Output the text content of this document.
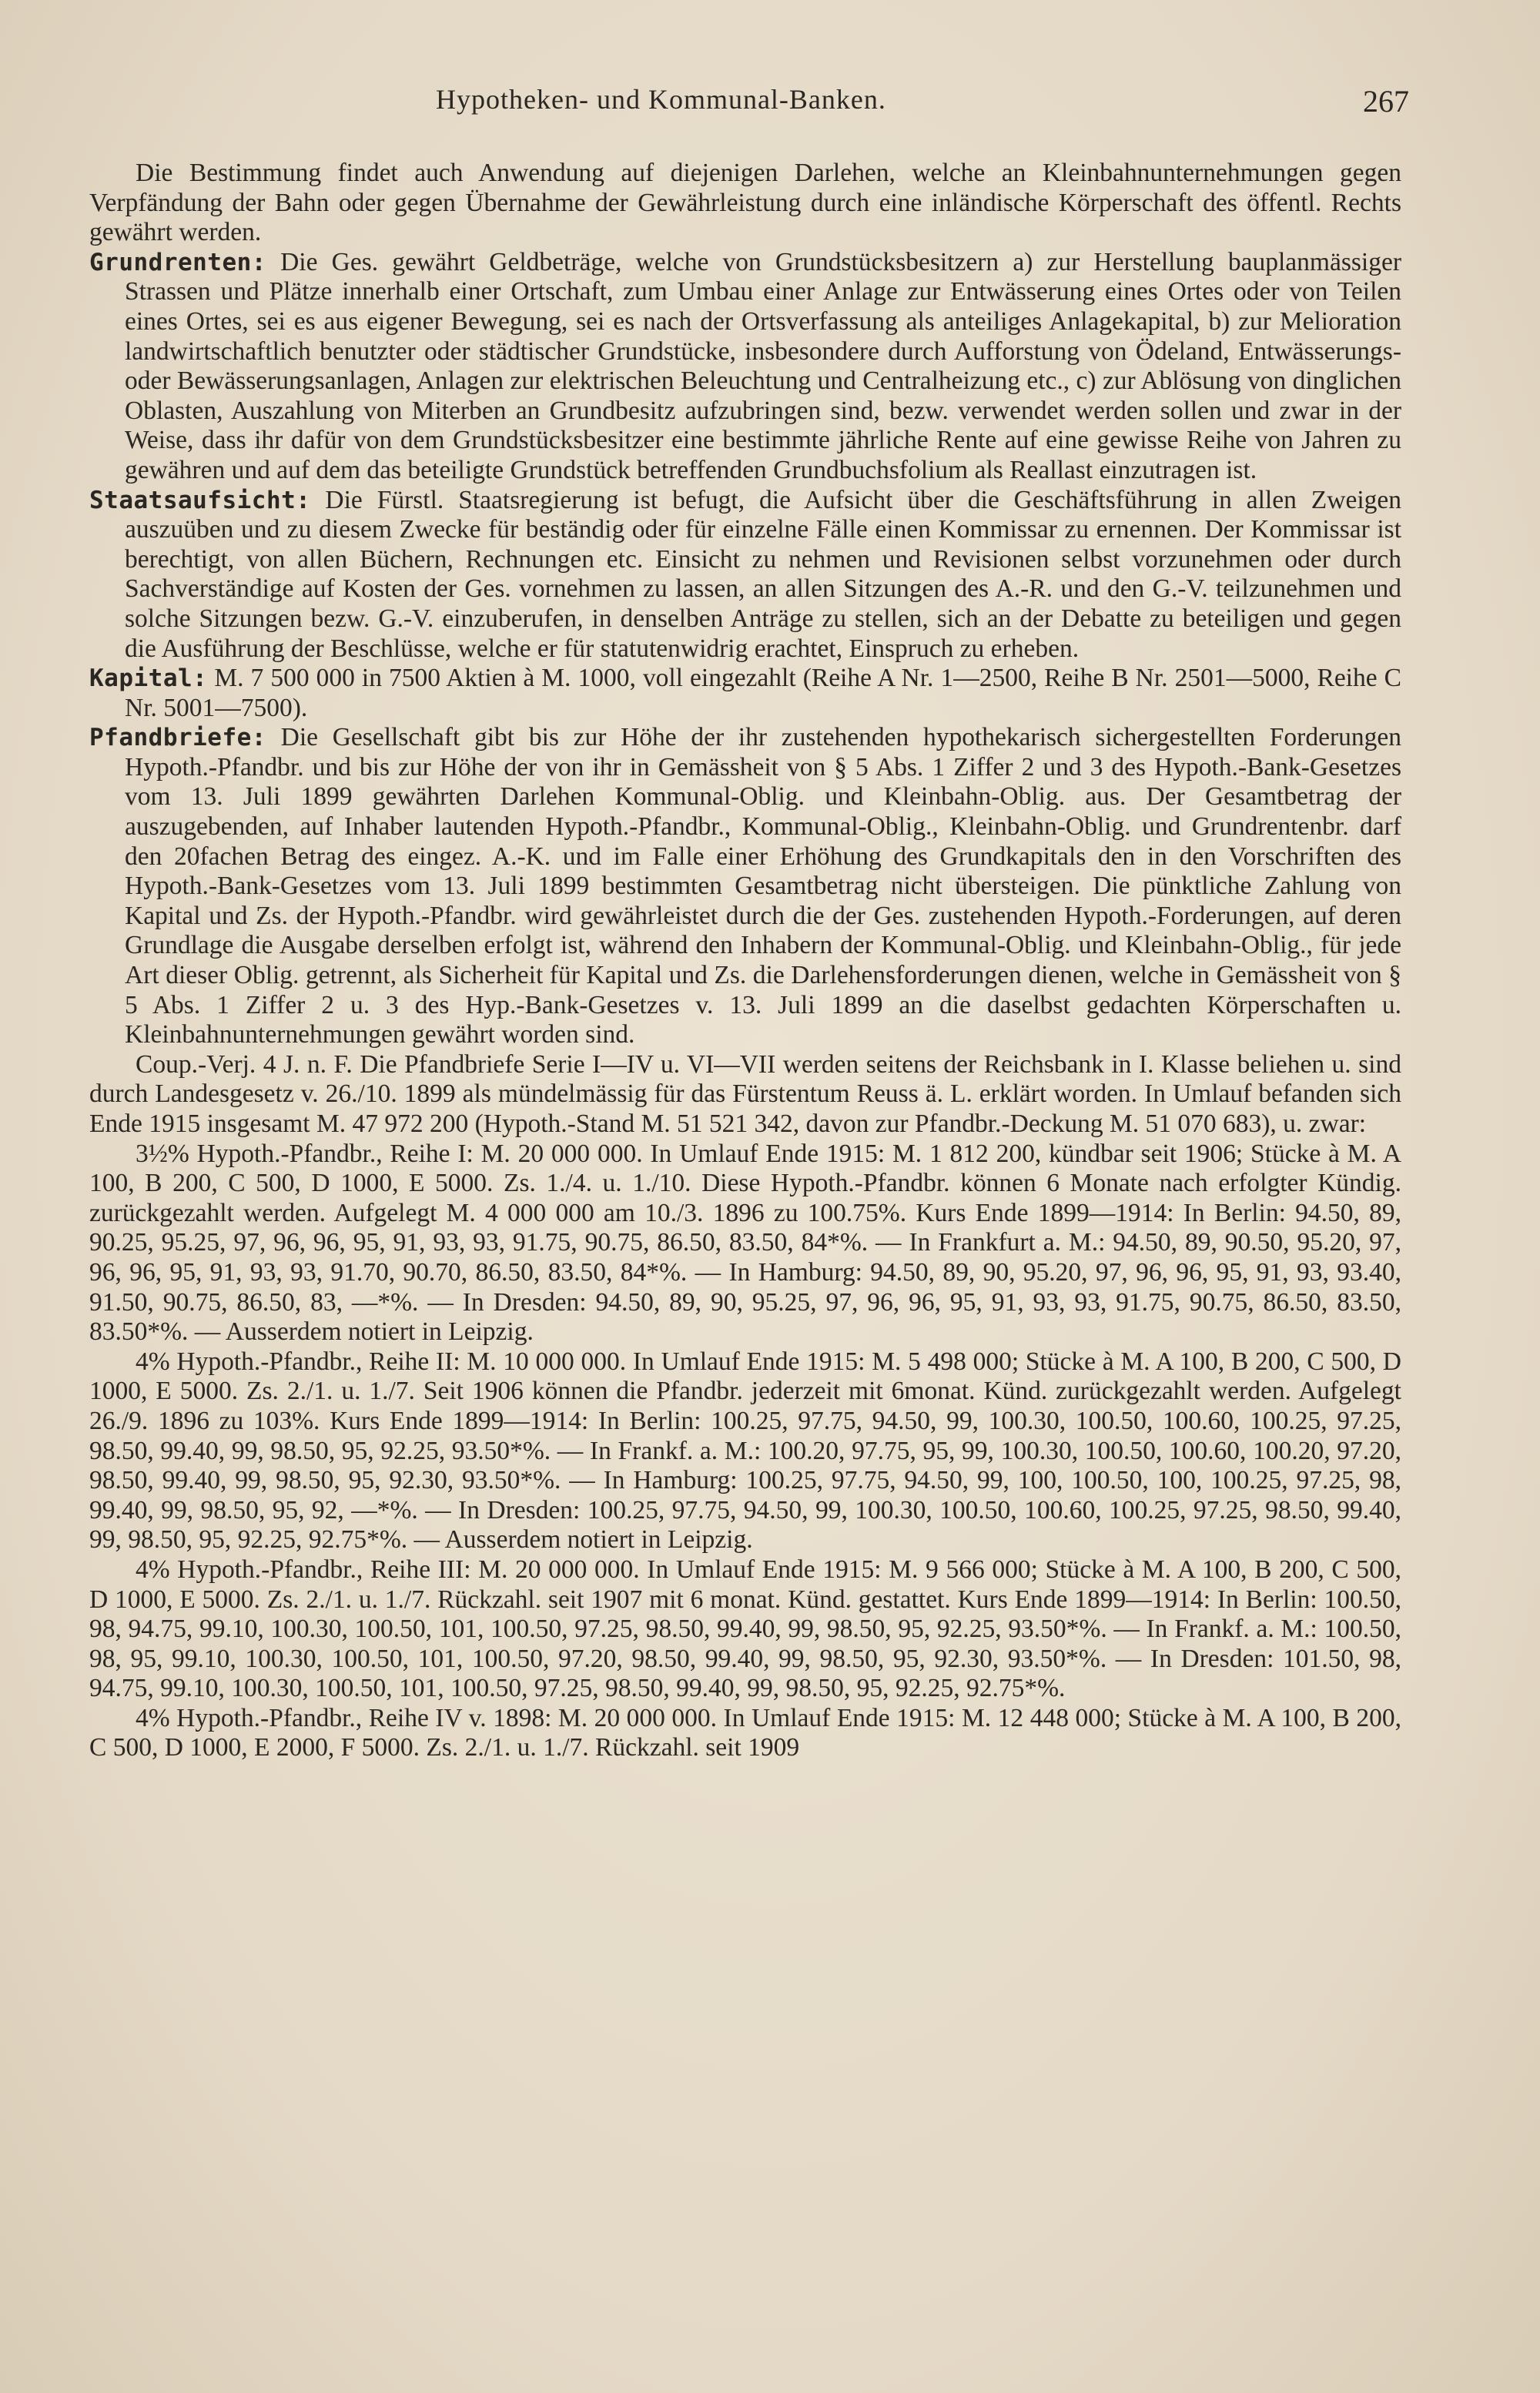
Hypotheken- und Kommunal-Banken.	267

Die Bestimmung findet auch Anwendung auf diejenigen Darlehen, welche an Kleinbahnunternehmungen gegen Verpfändung der Bahn oder gegen Übernahme der Gewährleistung durch eine inländische Körperschaft des öffentl. Rechts gewährt werden.

Grundrenten: Die Ges. gewährt Geldbeträge, welche von Grundstücksbesitzern a) zur Herstellung bauplanmässiger Strassen und Plätze innerhalb einer Ortschaft, zum Umbau einer Anlage zur Entwässerung eines Ortes oder von Teilen eines Ortes, sei es aus eigener Bewegung, sei es nach der Ortsverfassung als anteiliges Anlagekapital, b) zur Melioration landwirtschaftlich benutzter oder städtischer Grundstücke, insbesondere durch Aufforstung von Ödeland, Entwässerungs- oder Bewässerungsanlagen, Anlagen zur elektrischen Beleuchtung und Centralheizung etc., c) zur Ablösung von dinglichen Oblasten, Auszahlung von Miterben an Grundbesitz aufzubringen sind, bezw. verwendet werden sollen und zwar in der Weise, dass ihr dafür von dem Grundstücksbesitzer eine bestimmte jährliche Rente auf eine gewisse Reihe von Jahren zu gewähren und auf dem das beteiligte Grundstück betreffenden Grundbuchsfolium als Reallast einzutragen ist.

Staatsaufsicht: Die Fürstl. Staatsregierung ist befugt, die Aufsicht über die Geschäftsführung in allen Zweigen auszuüben und zu diesem Zwecke für beständig oder für einzelne Fälle einen Kommissar zu ernennen. Der Kommissar ist berechtigt, von allen Büchern, Rechnungen etc. Einsicht zu nehmen und Revisionen selbst vorzunehmen oder durch Sachverständige auf Kosten der Ges. vornehmen zu lassen, an allen Sitzungen des A.-R. und den G.-V. teilzunehmen und solche Sitzungen bezw. G.-V. einzuberufen, in denselben Anträge zu stellen, sich an der Debatte zu beteiligen und gegen die Ausführung der Beschlüsse, welche er für statutenwidrig erachtet, Einspruch zu erheben.

Kapital: M. 7 500 000 in 7500 Aktien à M. 1000, voll eingezahlt (Reihe A Nr. 1—2500, Reihe B Nr. 2501—5000, Reihe C Nr. 5001—7500).

Pfandbriefe: Die Gesellschaft gibt bis zur Höhe der ihr zustehenden hypothekarisch sichergestellten Forderungen Hypoth.-Pfandbr. und bis zur Höhe der von ihr in Gemässheit von § 5 Abs. 1 Ziffer 2 und 3 des Hypoth.-Bank-Gesetzes vom 13. Juli 1899 gewährten Darlehen Kommunal-Oblig. und Kleinbahn-Oblig. aus. Der Gesamtbetrag der auszugebenden, auf Inhaber lautenden Hypoth.-Pfandbr., Kommunal-Oblig., Kleinbahn-Oblig. und Grundrentenbr. darf den 20fachen Betrag des eingez. A.-K. und im Falle einer Erhöhung des Grundkapitals den in den Vorschriften des Hypoth.-Bank-Gesetzes vom 13. Juli 1899 bestimmten Gesamtbetrag nicht übersteigen. Die pünktliche Zahlung von Kapital und Zs. der Hypoth.-Pfandbr. wird gewährleistet durch die der Ges. zustehenden Hypoth.-Forderungen, auf deren Grundlage die Ausgabe derselben erfolgt ist, während den Inhabern der Kommunal-Oblig. und Kleinbahn-Oblig., für jede Art dieser Oblig. getrennt, als Sicherheit für Kapital und Zs. die Darlehensforderungen dienen, welche in Gemässheit von § 5 Abs. 1 Ziffer 2 u. 3 des Hyp.-Bank-Gesetzes v. 13. Juli 1899 an die daselbst gedachten Körperschaften u. Kleinbahnunternehmungen gewährt worden sind.

Coup.-Verj. 4 J. n. F. Die Pfandbriefe Serie I—IV u. VI—VII werden seitens der Reichsbank in I. Klasse beliehen u. sind durch Landesgesetz v. 26./10. 1899 als mündelmässig für das Fürstentum Reuss ä. L. erklärt worden. In Umlauf befanden sich Ende 1915 insgesamt M. 47 972 200 (Hypoth.-Stand M. 51 521 342, davon zur Pfandbr.-Deckung M. 51 070 683), u. zwar:

3½% Hypoth.-Pfandbr., Reihe I: M. 20 000 000. In Umlauf Ende 1915: M. 1 812 200, kündbar seit 1906; Stücke à M. A 100, B 200, C 500, D 1000, E 5000. Zs. 1./4. u. 1./10. Diese Hypoth.-Pfandbr. können 6 Monate nach erfolgter Kündig. zurückgezahlt werden. Aufgelegt M. 4 000 000 am 10./3. 1896 zu 100.75%. Kurs Ende 1899—1914: In Berlin: 94.50, 89, 90.25, 95.25, 97, 96, 96, 95, 91, 93, 93, 91.75, 90.75, 86.50, 83.50, 84*%. — In Frankfurt a. M.: 94.50, 89, 90.50, 95.20, 97, 96, 96, 95, 91, 93, 93, 91.70, 90.70, 86.50, 83.50, 84*%. — In Hamburg: 94.50, 89, 90, 95.20, 97, 96, 96, 95, 91, 93, 93.40, 91.50, 90.75, 86.50, 83, —*%. — In Dresden: 94.50, 89, 90, 95.25, 97, 96, 96, 95, 91, 93, 93, 91.75, 90.75, 86.50, 83.50, 83.50*%. — Ausserdem notiert in Leipzig.

4% Hypoth.-Pfandbr., Reihe II: M. 10 000 000. In Umlauf Ende 1915: M. 5 498 000; Stücke à M. A 100, B 200, C 500, D 1000, E 5000. Zs. 2./1. u. 1./7. Seit 1906 können die Pfandbr. jederzeit mit 6monat. Künd. zurückgezahlt werden. Aufgelegt 26./9. 1896 zu 103%. Kurs Ende 1899—1914: In Berlin: 100.25, 97.75, 94.50, 99, 100.30, 100.50, 100.60, 100.25, 97.25, 98.50, 99.40, 99, 98.50, 95, 92.25, 93.50*%. — In Frankf. a. M.: 100.20, 97.75, 95, 99, 100.30, 100.50, 100.60, 100.20, 97.20, 98.50, 99.40, 99, 98.50, 95, 92.30, 93.50*%. — In Hamburg: 100.25, 97.75, 94.50, 99, 100, 100.50, 100, 100.25, 97.25, 98, 99.40, 99, 98.50, 95, 92, —*%. — In Dresden: 100.25, 97.75, 94.50, 99, 100.30, 100.50, 100.60, 100.25, 97.25, 98.50, 99.40, 99, 98.50, 95, 92.25, 92.75*%. — Ausserdem notiert in Leipzig.

4% Hypoth.-Pfandbr., Reihe III: M. 20 000 000. In Umlauf Ende 1915: M. 9 566 000; Stücke à M. A 100, B 200, C 500, D 1000, E 5000. Zs. 2./1. u. 1./7. Rückzahl. seit 1907 mit 6 monat. Künd. gestattet. Kurs Ende 1899—1914: In Berlin: 100.50, 98, 94.75, 99.10, 100.30, 100.50, 101, 100.50, 97.25, 98.50, 99.40, 99, 98.50, 95, 92.25, 93.50*%. — In Frankf. a. M.: 100.50, 98, 95, 99.10, 100.30, 100.50, 101, 100.50, 97.20, 98.50, 99.40, 99, 98.50, 95, 92.30, 93.50*%. — In Dresden: 101.50, 98, 94.75, 99.10, 100.30, 100.50, 101, 100.50, 97.25, 98.50, 99.40, 99, 98.50, 95, 92.25, 92.75*%.

4% Hypoth.-Pfandbr., Reihe IV v. 1898: M. 20 000 000. In Umlauf Ende 1915: M. 12 448 000; Stücke à M. A 100, B 200, C 500, D 1000, E 2000, F 5000. Zs. 2./1. u. 1./7. Rückzahl. seit 1909
